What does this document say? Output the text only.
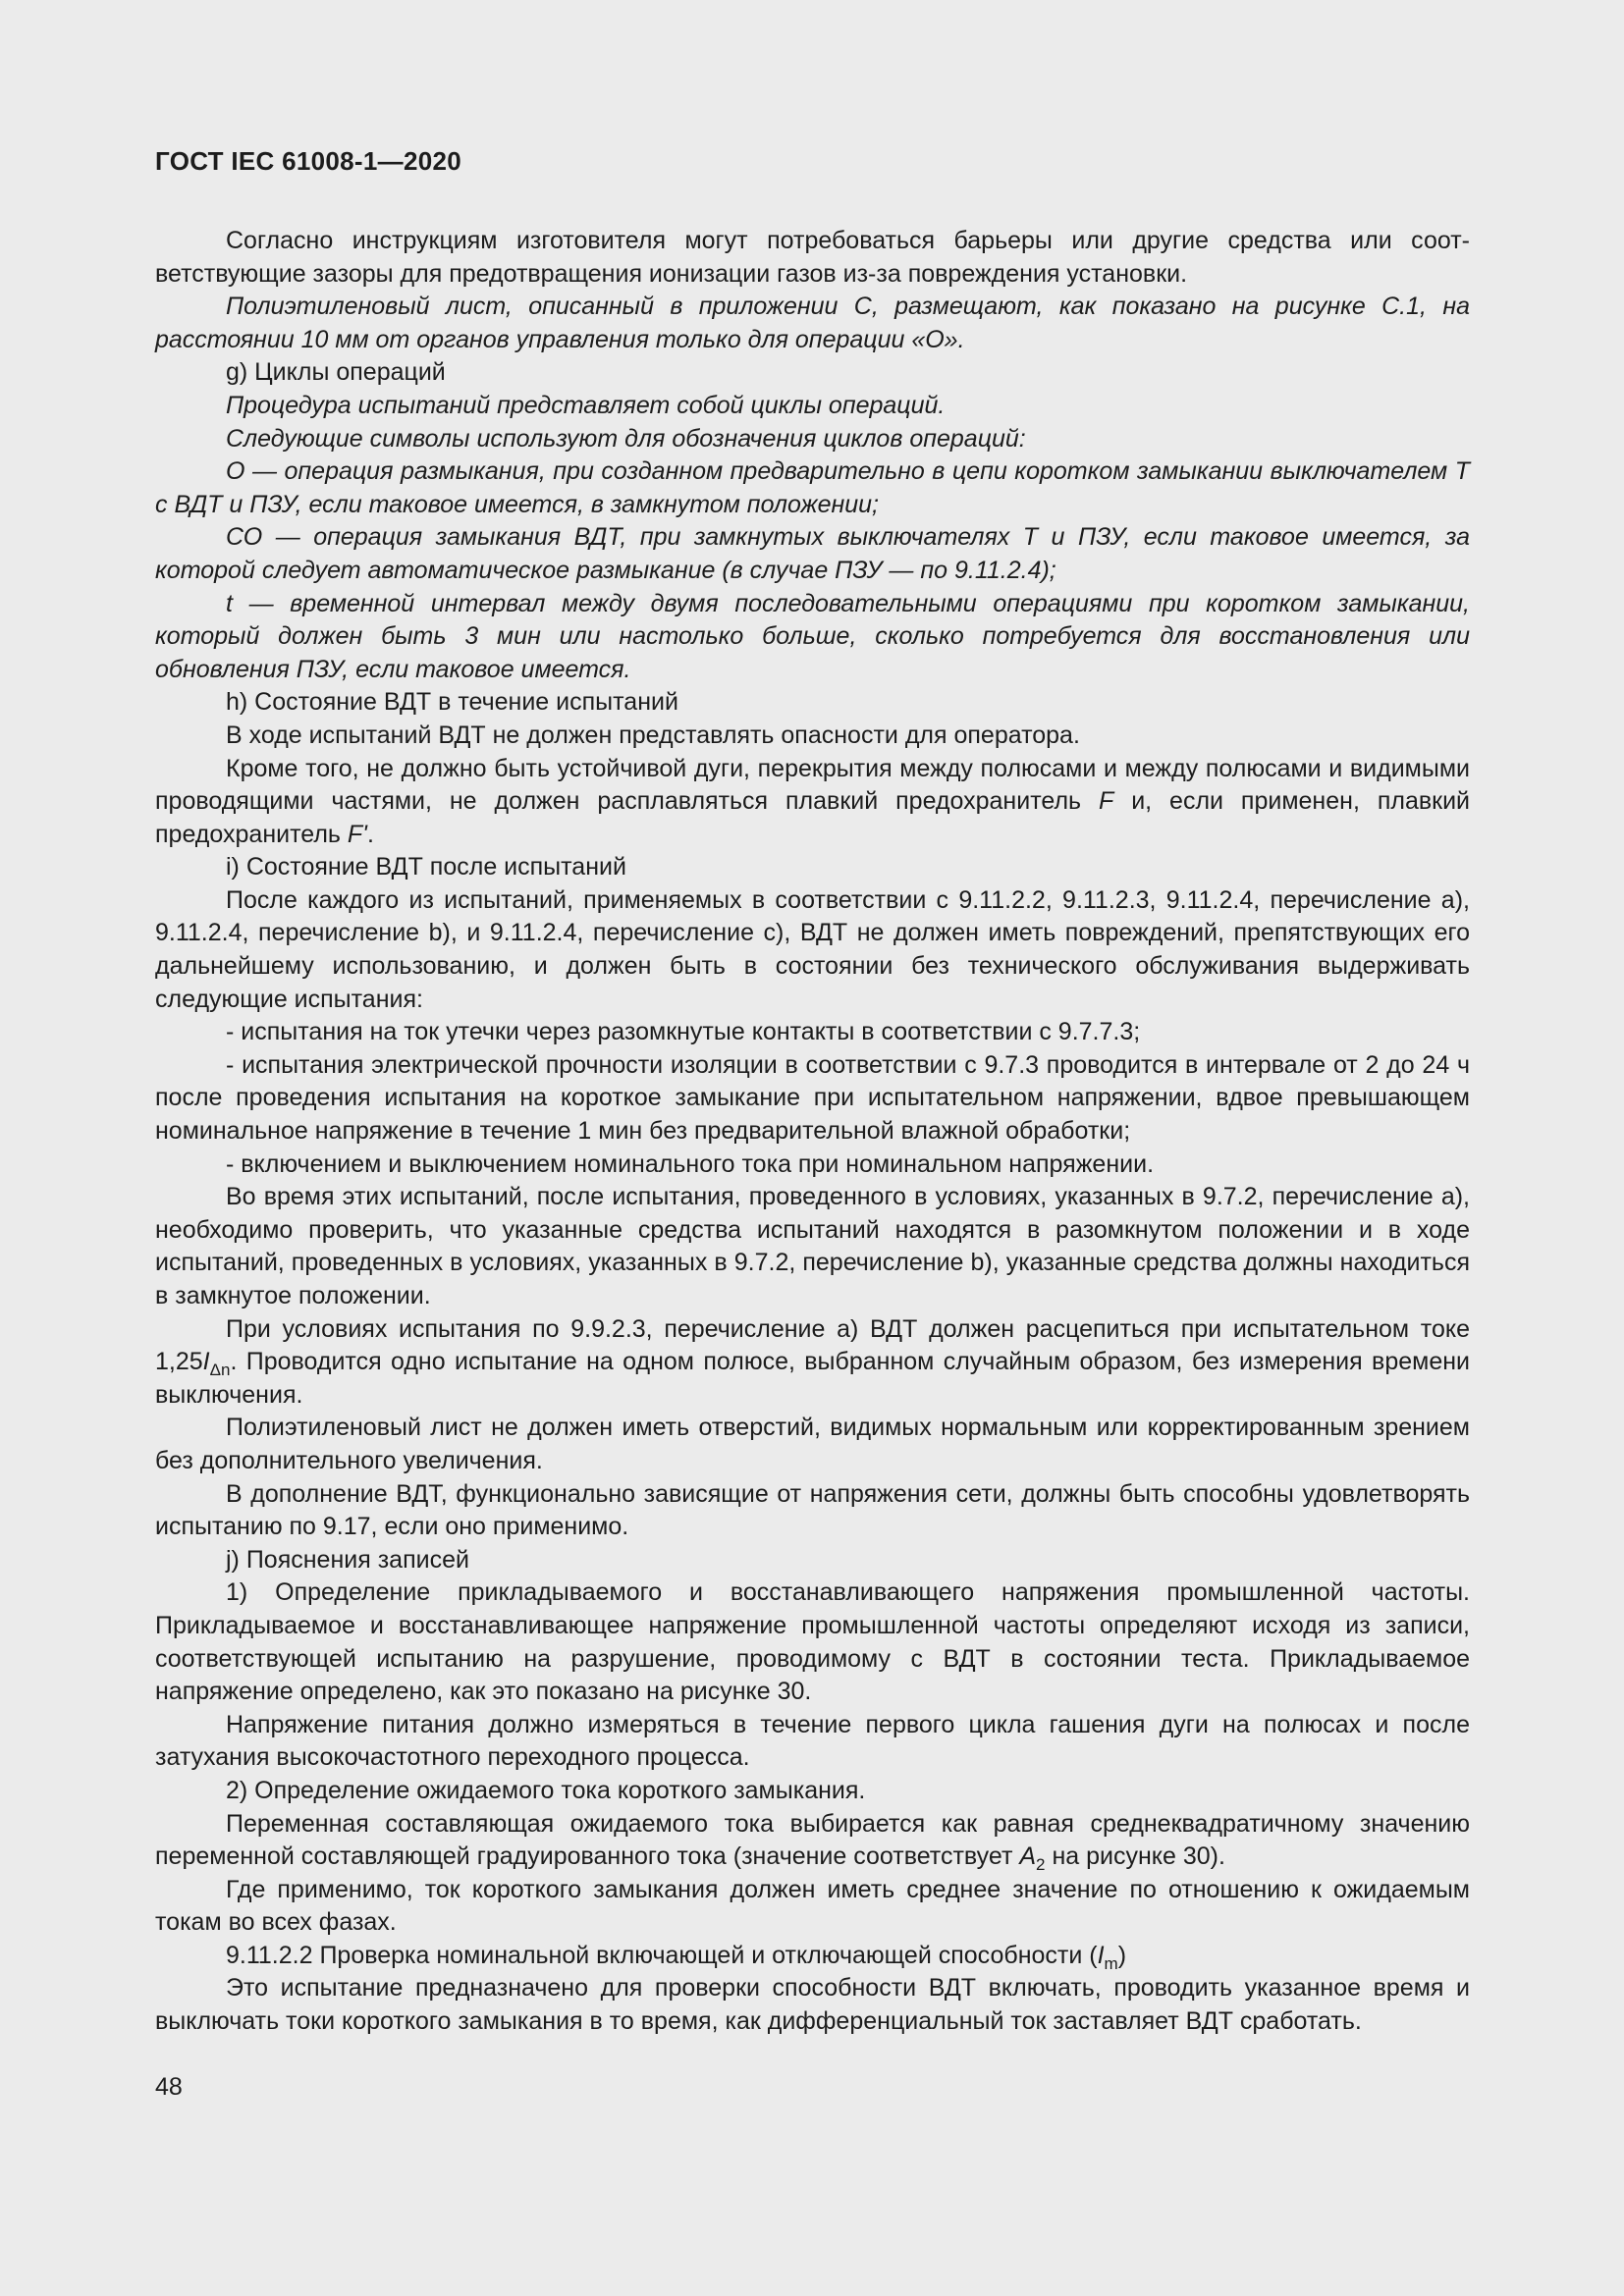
ГОСТ IEC 61008-1—2020

Согласно инструкциям изготовителя могут потребоваться барьеры или другие средства или соответствующие зазоры для предотвращения ионизации газов из-за повреждения установки.

Полиэтиленовый лист, описанный в приложении С, размещают, как показано на рисунке С.1, на расстоянии 10 мм от органов управления только для операции «О».

g) Циклы операций

Процедура испытаний представляет собой циклы операций.

Следующие символы используют для обозначения циклов операций:

О — операция размыкания, при созданном предварительно в цепи коротком замыкании выключателем Т с ВДТ и ПЗУ, если таковое имеется, в замкнутом положении;

СО — операция замыкания ВДТ, при замкнутых выключателях Т и ПЗУ, если таковое имеется, за которой следует автоматическое размыкание (в случае ПЗУ — по 9.11.2.4);

t — временной интервал между двумя последовательными операциями при коротком замыкании, который должен быть 3 мин или настолько больше, сколько потребуется для восстановления или обновления ПЗУ, если таковое имеется.

h) Состояние ВДТ в течение испытаний

В ходе испытаний ВДТ не должен представлять опасности для оператора.

Кроме того, не должно быть устойчивой дуги, перекрытия между полюсами и между полюсами и видимыми проводящими частями, не должен расплавляться плавкий предохранитель F и, если применен, плавкий предохранитель F'.

i) Состояние ВДТ после испытаний

После каждого из испытаний, применяемых в соответствии с 9.11.2.2, 9.11.2.3, 9.11.2.4, перечисление а), 9.11.2.4, перечисление b), и 9.11.2.4, перечисление с), ВДТ не должен иметь повреждений, препятствующих его дальнейшему использованию, и должен быть в состоянии без технического обслуживания выдерживать следующие испытания:

- испытания на ток утечки через разомкнутые контакты в соответствии с 9.7.7.3;

- испытания электрической прочности изоляции в соответствии с 9.7.3 проводится в интервале от 2 до 24 ч после проведения испытания на короткое замыкание при испытательном напряжении, вдвое превышающем номинальное напряжение в течение 1 мин без предварительной влажной обработки;

- включением и выключением номинального тока при номинальном напряжении.

Во время этих испытаний, после испытания, проведенного в условиях, указанных в 9.7.2, перечисление а), необходимо проверить, что указанные средства испытаний находятся в разомкнутом положении и в ходе испытаний, проведенных в условиях, указанных в 9.7.2, перечисление b), указанные средства должны находиться в замкнутое положении.

При условиях испытания по 9.9.2.3, перечисление а) ВДТ должен расцепиться при испытательном токе $1,25I_{\Delta n}$. Проводится одно испытание на одном полюсе, выбранном случайным образом, без измерения времени выключения.

Полиэтиленовый лист не должен иметь отверстий, видимых нормальным или корректированным зрением без дополнительного увеличения.

В дополнение ВДТ, функционально зависящие от напряжения сети, должны быть способны удовлетворять испытанию по 9.17, если оно применимо.

j) Пояснения записей

1) Определение прикладываемого и восстанавливающего напряжения промышленной частоты. Прикладываемое и восстанавливающее напряжение промышленной частоты определяют исходя из записи, соответствующей испытанию на разрушение, проводимому с ВДТ в состоянии теста. Прикладываемое напряжение определено, как это показано на рисунке 30.

Напряжение питания должно измеряться в течение первого цикла гашения дуги на полюсах и после затухания высокочастотного переходного процесса.

2) Определение ожидаемого тока короткого замыкания.

Переменная составляющая ожидаемого тока выбирается как равная среднеквадратичному значению переменной составляющей градуированного тока (значение соответствует $A_2$ на рисунке 30).

Где применимо, ток короткого замыкания должен иметь среднее значение по отношению к ожидаемым токам во всех фазах.

9.11.2.2 Проверка номинальной включающей и отключающей способности $(I_m)$

Это испытание предназначено для проверки способности ВДТ включать, проводить указанное время и выключать токи короткого замыкания в то время, как дифференциальный ток заставляет ВДТ сработать.

48
